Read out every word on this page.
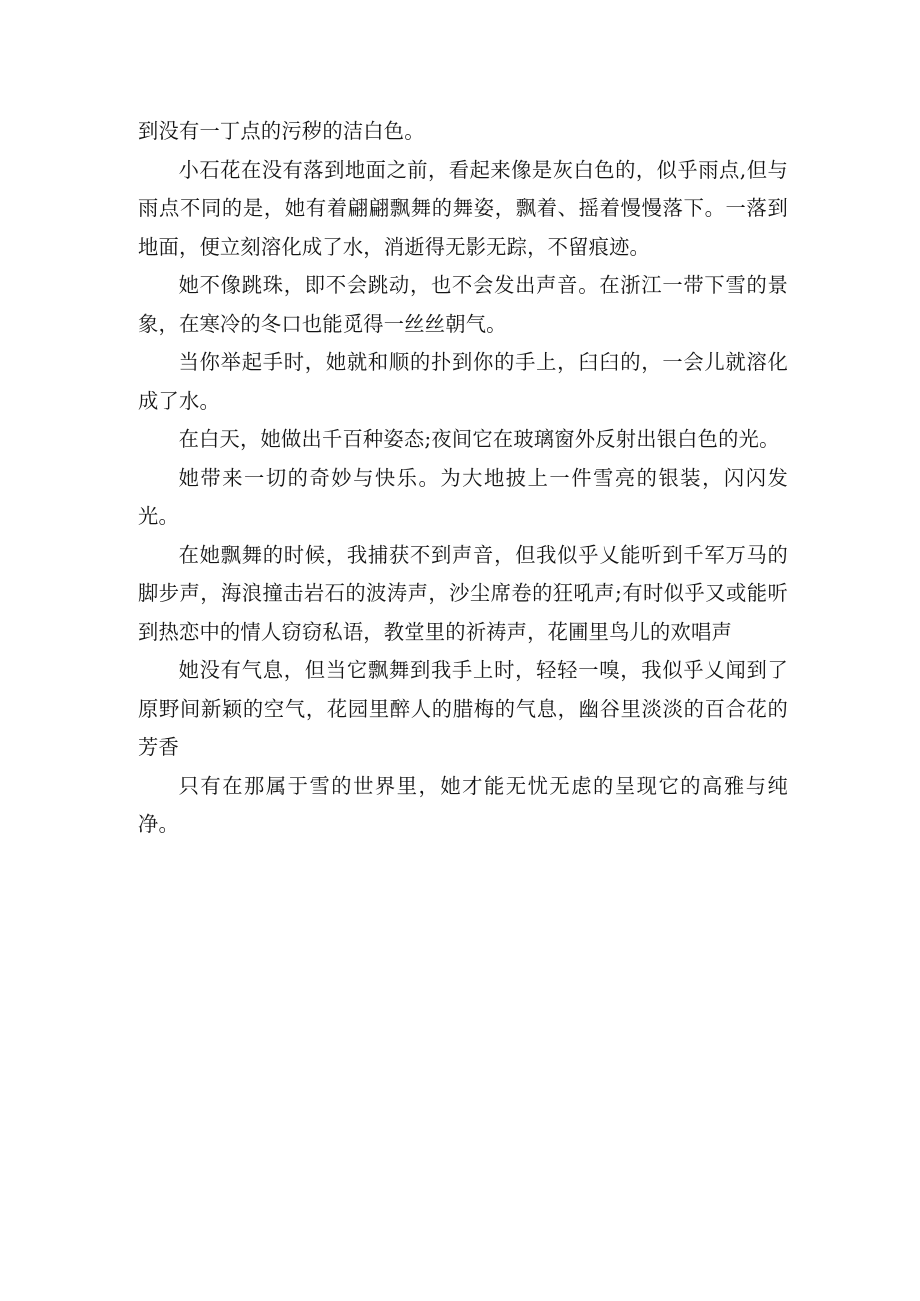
到没有一丁点的污秽的洁白色。

小石花在没有落到地面之前，看起来像是灰白色的，似乎雨点,但与雨点不同的是，她有着翩翩飘舞的舞姿，飘着、摇着慢慢落下。一落到地面，便立刻溶化成了水，消逝得无影无踪，不留痕迹。

她不像跳珠，即不会跳动，也不会发出声音。在浙江一带下雪的景象，在寒冷的冬口也能觅得一丝丝朝气。

当你举起手时，她就和顺的扑到你的手上，臼臼的，一会儿就溶化成了水。

在白天，她做出千百种姿态;夜间它在玻璃窗外反射出银白色的光。

她带来一切的奇妙与快乐。为大地披上一件雪亮的银装，闪闪发光。

在她飘舞的时候，我捕获不到声音，但我似乎乂能听到千军万马的脚步声，海浪撞击岩石的波涛声，沙尘席卷的狂吼声;有时似乎又或能听到热恋中的情人窃窃私语，教堂里的祈祷声，花圃里鸟儿的欢唱声

她没有气息，但当它飘舞到我手上时，轻轻一嗅，我似乎乂闻到了原野间新颖的空气，花园里醉人的腊梅的气息，幽谷里淡淡的百合花的芳香

只有在那属于雪的世界里，她才能无忧无虑的呈现它的高雅与纯净。
